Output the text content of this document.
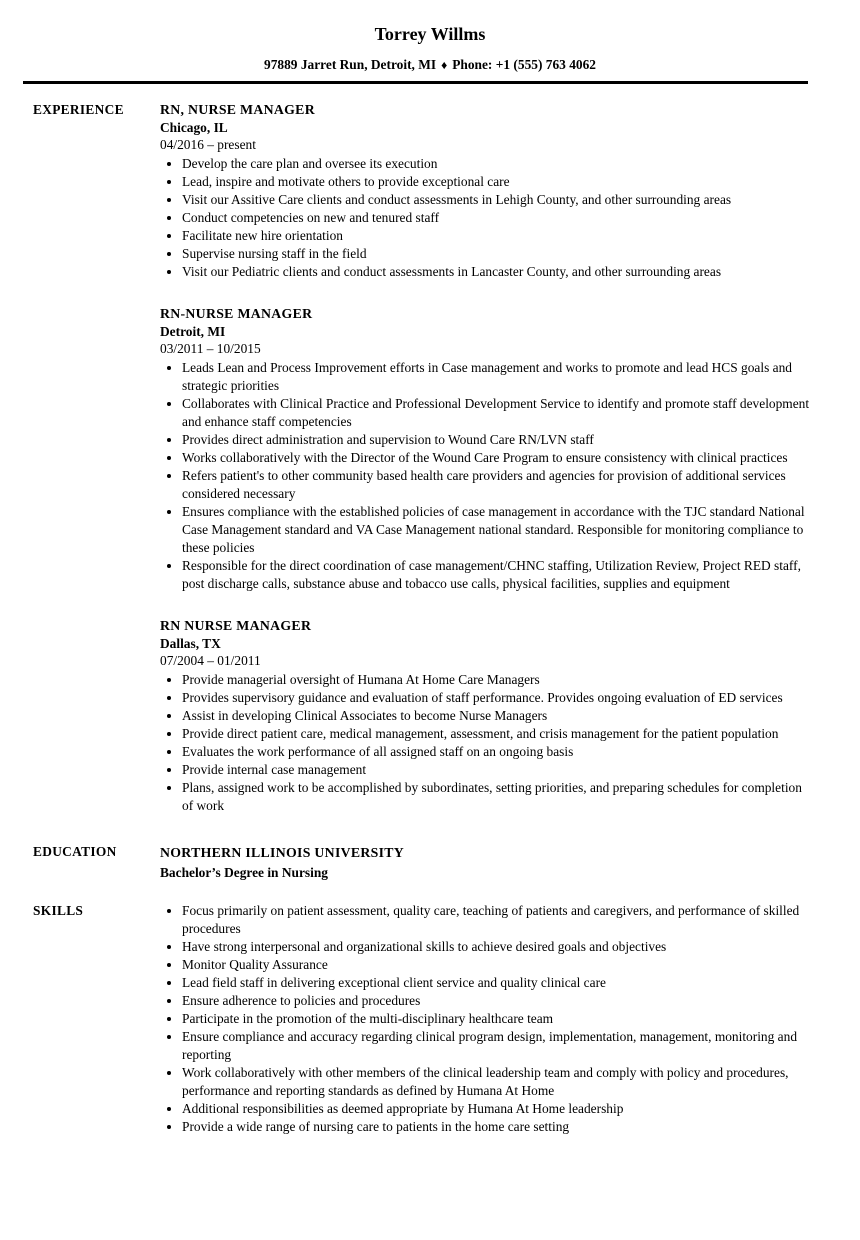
Torrey Willms

97889 Jarret Run, Detroit, MI ♦ Phone: +1 (555) 763 4062

EXPERIENCE	RN, NURSE MANAGER
Chicago, IL
04/2016 – present
• Develop the care plan and oversee its execution
• Lead, inspire and motivate others to provide exceptional care
• Visit our Assitive Care clients and conduct assessments in Lehigh County, and other surrounding areas
• Conduct competencies on new and tenured staff
• Facilitate new hire orientation
• Supervise nursing staff in the field
• Visit our Pediatric clients and conduct assessments in Lancaster County, and other surrounding areas
RN-NURSE MANAGER
Detroit, MI
03/2011 – 10/2015
• Leads Lean and Process Improvement efforts in Case management and works to promote and lead HCS goals and strategic priorities
• Collaborates with Clinical Practice and Professional Development Service to identify and promote staff development and enhance staff competencies
• Provides direct administration and supervision to Wound Care RN/LVN staff
• Works collaboratively with the Director of the Wound Care Program to ensure consistency with clinical practices
• Refers patient's to other community based health care providers and agencies for provision of additional services considered necessary
• Ensures compliance with the established policies of case management in accordance with the TJC standard National Case Management standard and VA Case Management national standard. Responsible for monitoring compliance to these policies
• Responsible for the direct coordination of case management/CHNC staffing, Utilization Review, Project RED staff, post discharge calls, substance abuse and tobacco use calls, physical facilities, supplies and equipment
RN NURSE MANAGER
Dallas, TX
07/2004 – 01/2011
• Provide managerial oversight of Humana At Home Care Managers
• Provides supervisory guidance and evaluation of staff performance. Provides ongoing evaluation of ED services
• Assist in developing Clinical Associates to become Nurse Managers
• Provide direct patient care, medical management, assessment, and crisis management for the patient population
• Evaluates the work performance of all assigned staff on an ongoing basis
• Provide internal case management
• Plans, assigned work to be accomplished by subordinates, setting priorities, and preparing schedules for completion of work
EDUCATION	NORTHERN ILLINOIS UNIVERSITY
Bachelor’s Degree in Nursing
SKILLS	• Focus primarily on patient assessment, quality care, teaching of patients and caregivers, and performance of skilled procedures
• Have strong interpersonal and organizational skills to achieve desired goals and objectives
• Monitor Quality Assurance
• Lead field staff in delivering exceptional client service and quality clinical care
• Ensure adherence to policies and procedures
• Participate in the promotion of the multi-disciplinary healthcare team
• Ensure compliance and accuracy regarding clinical program design, implementation, management, monitoring and reporting
• Work collaboratively with other members of the clinical leadership team and comply with policy and procedures, performance and reporting standards as defined by Humana At Home
• Additional responsibilities as deemed appropriate by Humana At Home leadership
• Provide a wide range of nursing care to patients in the home care setting
